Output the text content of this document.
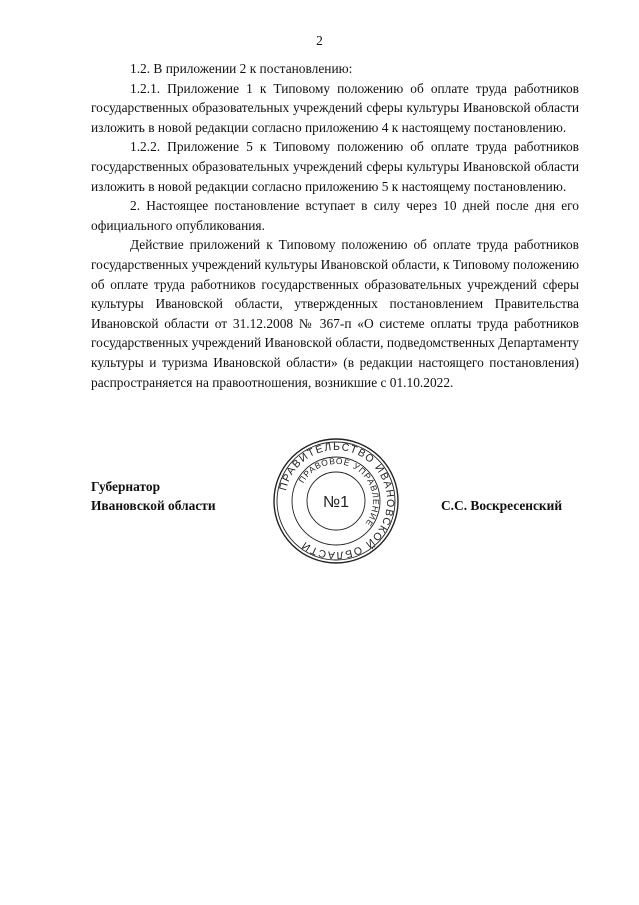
2

1.2. В приложении 2 к постановлению:

1.2.1. Приложение 1 к Типовому положению об оплате труда работников государственных образовательных учреждений сферы культуры Ивановской области изложить в новой редакции согласно приложению 4 к настоящему постановлению.

1.2.2. Приложение 5 к Типовому положению об оплате труда работников государственных образовательных учреждений сферы культуры Ивановской области изложить в новой редакции согласно приложению 5 к настоящему постановлению.

2. Настоящее постановление вступает в силу через 10 дней после дня его официального опубликования.

Действие приложений к Типовому положению об оплате труда работников государственных учреждений культуры Ивановской области, к Типовому положению об оплате труда работников государственных образовательных учреждений сферы культуры Ивановской области, утвержденных постановлением Правительства Ивановской области от 31.12.2008 № 367-п «О системе оплаты труда работников государственных учреждений Ивановской области, подведомственных Департаменту культуры и туризма Ивановской области» (в редакции настоящего постановления) распространяется на правоотношения, возникшие с 01.10.2022.

Губернатор
Ивановской области
ПРАВИТЕЛЬСТВО ИВАНОВСКОЙ ОБЛАСТИ
ПРАВОВОЕ УПРАВЛЕНИЕ
№1	С.С. Воскресенский
